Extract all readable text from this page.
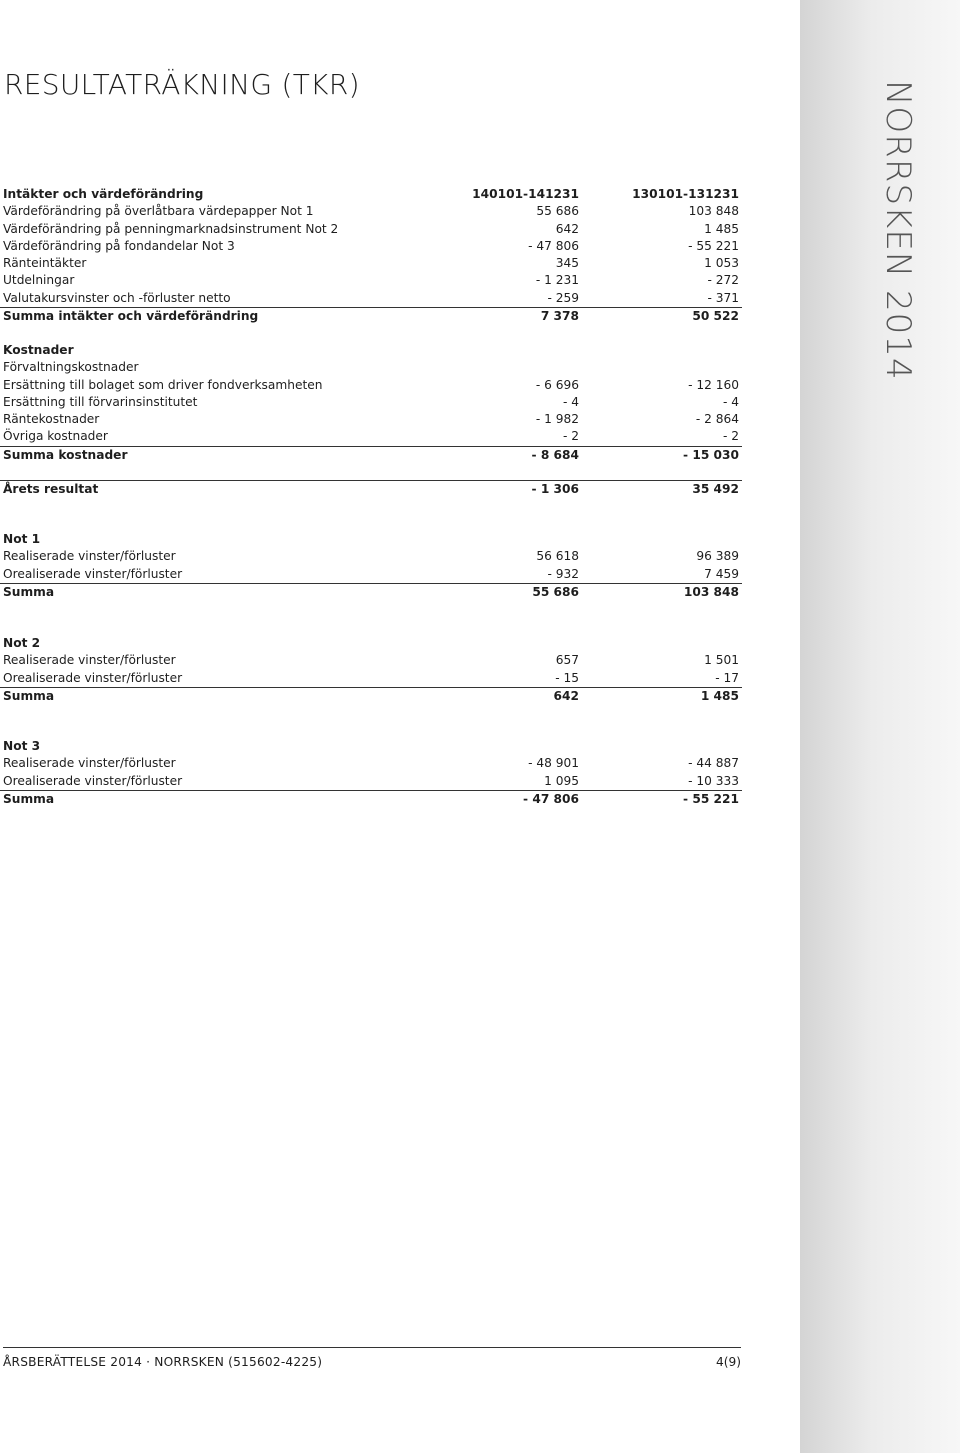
NORRSKEN 2014
RESULTATRÄKNING (TKR)
Intäkter och värdeförändring	140101-141231	130101-131231
Värdeförändring på överlåtbara värdepapper Not 1	55 686	103 848
Värdeförändring på penningmarknadsinstrument Not 2	642	1 485
Värdeförändring på fondandelar Not 3	- 47 806	- 55 221
Ränteintäkter	345	1 053
Utdelningar	- 1 231	- 272
Valutakursvinster och -förluster netto	- 259	- 371
Summa intäkter och värdeförändring	7 378	50 522
Kostnader
Förvaltningskostnader
Ersättning till bolaget som driver fondverksamheten	- 6 696	- 12 160
Ersättning till förvarinsinstitutet	- 4	- 4
Räntekostnader	- 1 982	- 2 864
Övriga kostnader	- 2	- 2
Summa kostnader	- 8 684	- 15 030
Årets resultat	- 1 306	35 492
Not 1
Realiserade vinster/förluster	56 618	96 389
Orealiserade vinster/förluster	- 932	7 459
Summa	55 686	103 848
Not 2
Realiserade vinster/förluster	657	1 501
Orealiserade vinster/förluster	- 15	- 17
Summa	642	1 485
Not 3
Realiserade vinster/förluster	- 48 901	- 44 887
Orealiserade vinster/förluster	1 095	- 10 333
Summa	- 47 806	- 55 221
ÅRSBERÄTTELSE 2014 · NORRSKEN (515602-4225)	4(9)
